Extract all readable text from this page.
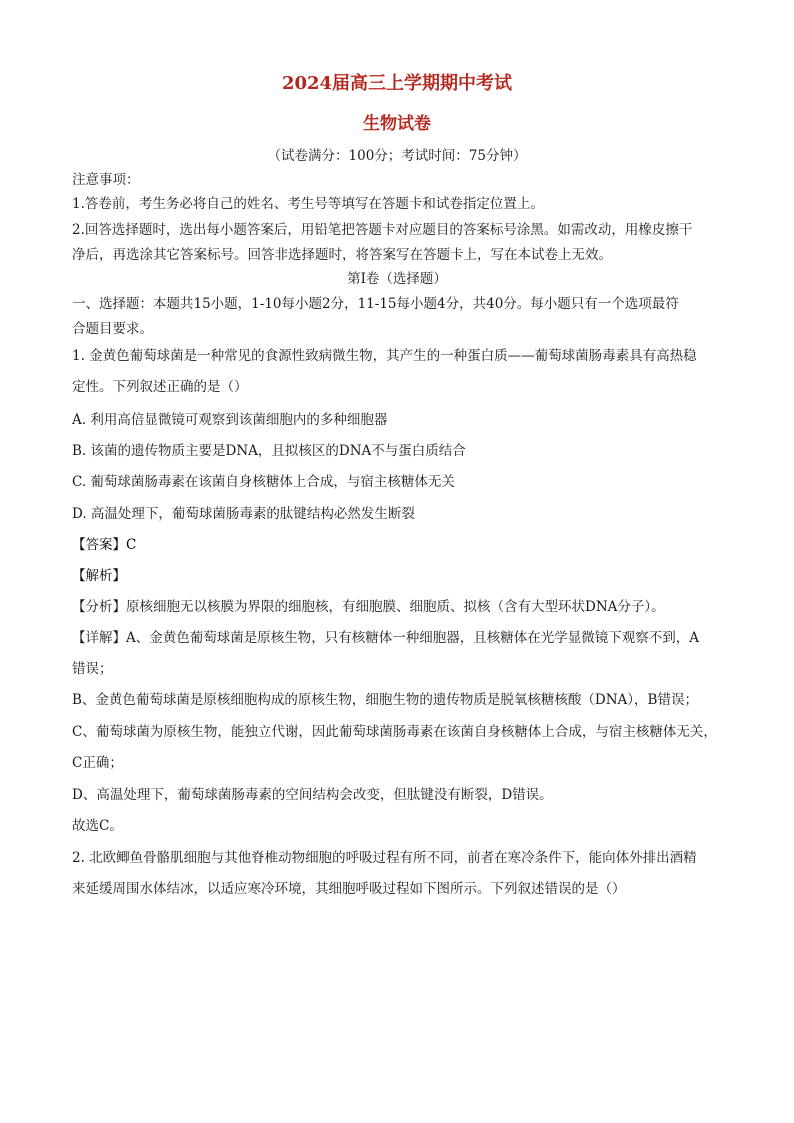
2024届高三上学期期中考试
生物试卷
（试卷满分：100分；考试时间：75分钟）
注意事项：
1.答卷前，考生务必将自己的姓名、考生号等填写在答题卡和试卷指定位置上。
2.回答选择题时，选出每小题答案后，用铅笔把答题卡对应题目的答案标号涂黑。如需改动，用橡皮擦干
净后，再选涂其它答案标号。回答非选择题时，将答案写在答题卡上，写在本试卷上无效。
第Ⅰ卷（选择题）
一、选择题：本题共15小题，1-10每小题2分，11-15每小题4分，共40分。每小题只有一个选项最符
合题目要求。
1. 金黄色葡萄球菌是一种常见的食源性致病微生物，其产生的一种蛋白质——葡萄球菌肠毒素具有高热稳
定性。下列叙述正确的是（）
A. 利用高倍显微镜可观察到该菌细胞内的多种细胞器
B. 该菌的遗传物质主要是DNA，且拟核区的DNA不与蛋白质结合
C. 葡萄球菌肠毒素在该菌自身核糖体上合成，与宿主核糖体无关
D. 高温处理下，葡萄球菌肠毒素的肽键结构必然发生断裂
【答案】C
【解析】
【分析】原核细胞无以核膜为界限的细胞核，有细胞膜、细胞质、拟核（含有大型环状DNA分子）。
【详解】A、金黄色葡萄球菌是原核生物，只有核糖体一种细胞器，且核糖体在光学显微镜下观察不到，A
错误；
B、金黄色葡萄球菌是原核细胞构成的原核生物，细胞生物的遗传物质是脱氧核糖核酸（DNA），B错误；
C、葡萄球菌为原核生物，能独立代谢，因此葡萄球菌肠毒素在该菌自身核糖体上合成，与宿主核糖体无关，
C正确；
D、高温处理下，葡萄球菌肠毒素的空间结构会改变，但肽键没有断裂，D错误。
故选C。
2. 北欧鲫鱼骨骼肌细胞与其他脊椎动物细胞的呼吸过程有所不同，前者在寒冷条件下，能向体外排出酒精
来延缓周围水体结冰，以适应寒冷环境，其细胞呼吸过程如下图所示。下列叙述错误的是（）
